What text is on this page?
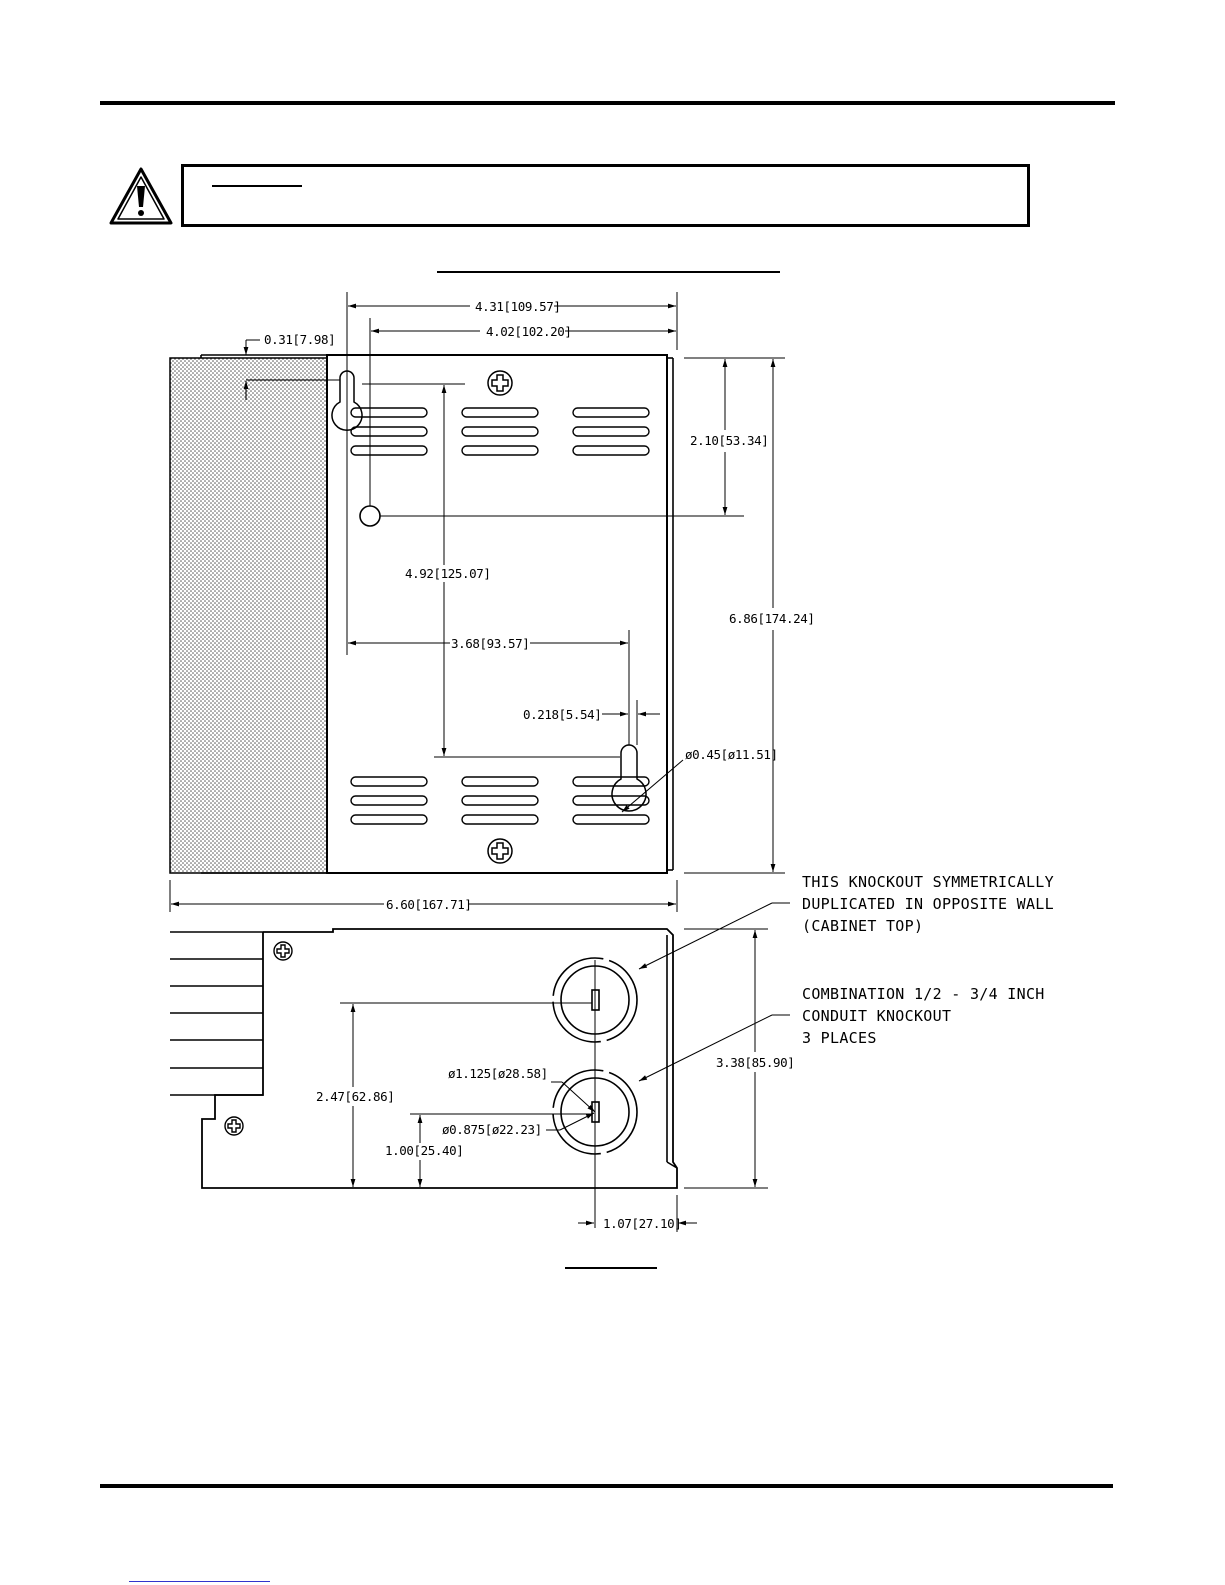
4.31[109.57]
4.02[102.20]
0.31[7.98]
2.10[53.34]
4.92[125.07]
6.86[174.24]
3.68[93.57]
0.218[5.54]
ø0.45[ø11.51]
6.60[167.71]
2.47[62.86]
ø1.125[ø28.58]
ø0.875[ø22.23]
1.00[25.40]
3.38[85.90]
1.07[27.10]
THIS KNOCKOUT SYMMETRICALLY
DUPLICATED IN OPPOSITE WALL
(CABINET TOP)
COMBINATION 1/2 - 3/4 INCH
CONDUIT KNOCKOUT
3 PLACES
